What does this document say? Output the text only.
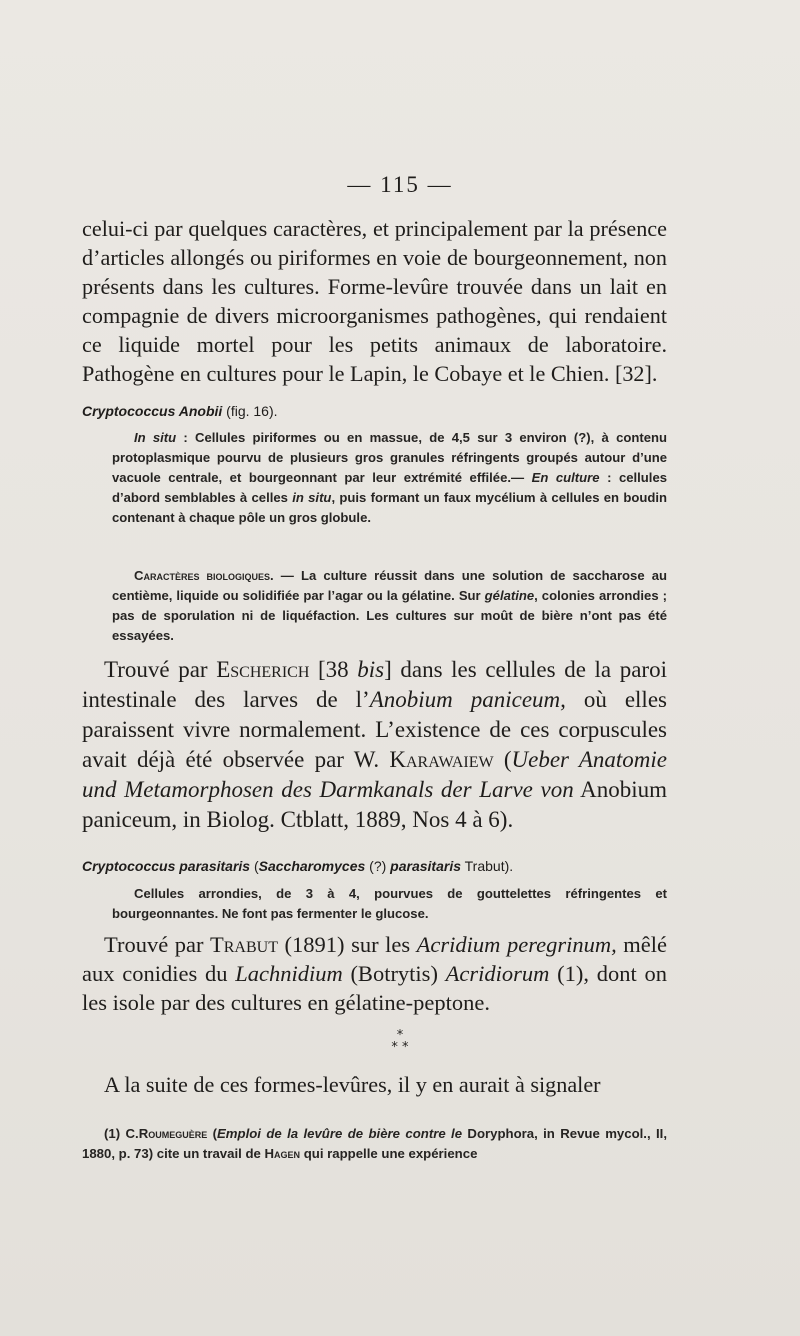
— 115 —

celui-ci par quelques caractères, et principalement par la présence d’articles allongés ou piriformes en voie de bourgeonnement, non présents dans les cultures. Forme-levûre trouvée dans un lait en compagnie de divers microorganismes pathogènes, qui rendaient ce liquide mortel pour les petits animaux de laboratoire. Pathogène en cultures pour le Lapin, le Cobaye et le Chien. [32].

Cryptococcus Anobii (fig. 16).

In situ : Cellules piriformes ou en massue, de 4,5 sur 3 environ (?), à contenu protoplasmique pourvu de plusieurs gros granules réfringents groupés autour d’une vacuole centrale, et bourgeonnant par leur extrémité effilée.— En culture : cellules d’abord semblables à celles in situ, puis formant un faux mycélium à cellules en boudin contenant à chaque pôle un gros globule.

Caractères biologiques. — La culture réussit dans une solution de saccharose au centième, liquide ou solidifiée par l’agar ou la gélatine. Sur gélatine, colonies arrondies ; pas de sporulation ni de liquéfaction. Les cultures sur moût de bière n’ont pas été essayées.

Trouvé par Escherich [38 bis] dans les cellules de la paroi intestinale des larves de l’Anobium paniceum, où elles paraissent vivre normalement. L’existence de ces corpuscules avait déjà été observée par W. Karawaiew (Ueber Anatomie und Metamorphosen des Darmkanals der Larve von Anobium paniceum, in Biolog. Ctblatt, 1889, Nos 4 à 6).

Cryptococcus parasitaris (Saccharomyces (?) parasitaris Trabut).

Cellules arrondies, de 3 à 4, pourvues de gouttelettes réfringentes et bourgeonnantes. Ne font pas fermenter le glucose.

Trouvé par Trabut (1891) sur les Acridium peregrinum, mêlé aux conidies du Lachnidium (Botrytis) Acridiorum (1), dont on les isole par des cultures en gélatine-peptone.

*
* *

A la suite de ces formes-levûres, il y en aurait à signaler

(1) C.Roumeguère (Emploi de la levûre de bière contre le Doryphora, in Revue mycol., II, 1880, p. 73) cite un travail de Hagen qui rappelle une expérience
